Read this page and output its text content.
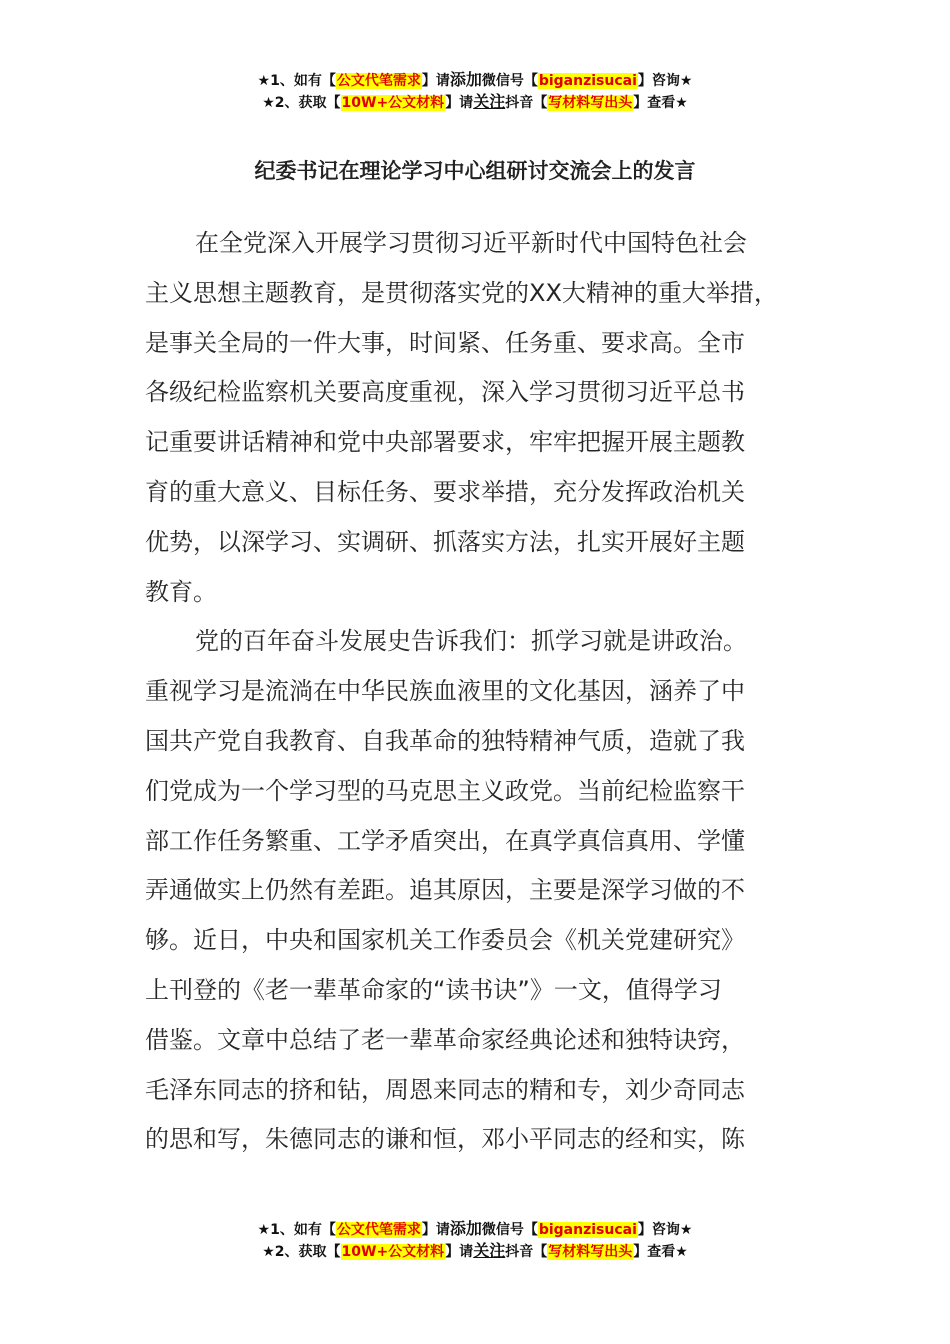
★1、如有【公文代笔需求】请添加微信号【biganzisucai】咨询★
★2、获取【10W+公文材料】请关注抖音【写材料写出头】查看★
纪委书记在理论学习中心组研讨交流会上的发言
在全党深入开展学习贯彻习近平新时代中国特色社会
主义思想主题教育，是贯彻落实党的XX大精神的重大举措，
是事关全局的一件大事，时间紧、任务重、要求高。全市
各级纪检监察机关要高度重视，深入学习贯彻习近平总书
记重要讲话精神和党中央部署要求，牢牢把握开展主题教
育的重大意义、目标任务、要求举措，充分发挥政治机关
优势，以深学习、实调研、抓落实方法，扎实开展好主题
教育。
党的百年奋斗发展史告诉我们：抓学习就是讲政治。
重视学习是流淌在中华民族血液里的文化基因，涵养了中
国共产党自我教育、自我革命的独特精神气质，造就了我
们党成为一个学习型的马克思主义政党。当前纪检监察干
部工作任务繁重、工学矛盾突出，在真学真信真用、学懂
弄通做实上仍然有差距。追其原因，主要是深学习做的不
够。近日，中央和国家机关工作委员会《机关党建研究》
上刊登的《老一辈革命家的“读书诀”》一文，值得学习
借鉴。文章中总结了老一辈革命家经典论述和独特诀窍，
毛泽东同志的挤和钻，周恩来同志的精和专，刘少奇同志
的思和写，朱德同志的谦和恒，邓小平同志的经和实，陈
★1、如有【公文代笔需求】请添加微信号【biganzisucai】咨询★
★2、获取【10W+公文材料】请关注抖音【写材料写出头】查看★
